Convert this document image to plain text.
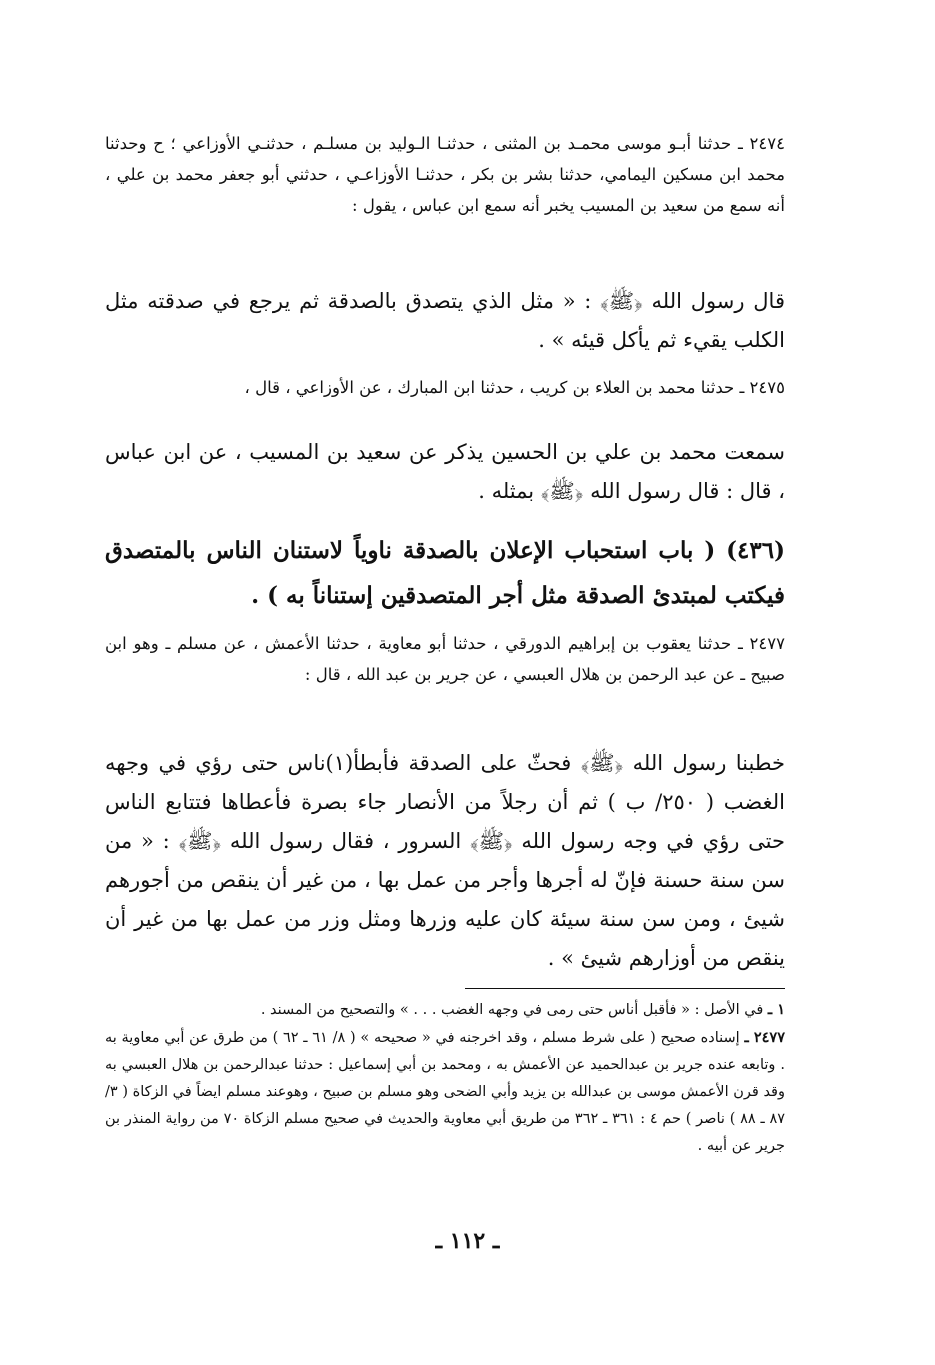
٢٤٧٤ ـ حدثنا أبـو موسى محمـد بن المثنى ، حدثنـا الـوليد بن مسلـم ، حدثنـي الأوزاعي ؛ ح وحدثنا محمد ابن مسكين اليمامي، حدثنا بشر بن بكر ، حدثنـا الأوزاعـي ، حدثني أبو جعفر محمد بن علي ، أنه سمع من سعيد بن المسيب يخبر أنه سمع ابن عباس ، يقول :
قال رسول الله ﴿ﷺ﴾ : « مثل الذي يتصدق بالصدقة ثم يرجع في صدقته مثل الكلب يقيء ثم يأكل قيئه » .
٢٤٧٥ ـ حدثنا محمد بن العلاء بن كريب ، حدثنا ابن المبارك ، عن الأوزاعي ، قال ،
سمعت محمد بن علي بن الحسين يذكر عن سعيد بن المسيب ، عن ابن عباس ، قال : قال رسول الله ﴿ﷺ﴾ بمثله .
(٤٣٦) ( باب استحباب الإعلان بالصدقة ناوياً لاستنان الناس بالمتصدق فيكتب لمبتدئ الصدقة مثل أجر المتصدقين إستناناً به ) .
٢٤٧٧ ـ حدثنا يعقوب بن إبراهيم الدورقي ، حدثنا أبو معاوية ، حدثنا الأعمش ، عن مسلم ـ وهو ابن صبيح ـ عن عبد الرحمن بن هلال العبسي ، عن جرير بن عبد الله ، قال :
خطبنا رسول الله ﴿ﷺ﴾ فحثّ على الصدقة فأبطأ(١)ناس حتى رؤي في وجهه الغضب ( ٢٥٠/ ب ) ثم أن رجلاً من الأنصار جاء بصرة فأعطاها فتتابع الناس حتى رؤي في وجه رسول الله ﴿ﷺ﴾ السرور ، فقال رسول الله ﴿ﷺ﴾ : « من سن سنة حسنة فإنّ له أجرها وأجر من عمل بها ، من غير أن ينقص من أجورهم شيئ ، ومن سن سنة سيئة كان عليه وزرها ومثل وزر من عمل بها من غير أن ينقص من أوزارهم شيئ » .
١ ـ في الأصل : « فأقبل أناس حتى رمى في وجهه الغضب . . . » والتصحيح من المسند .
٢٤٧٧ ـ إسناده صحيح ( على شرط مسلم ، وقد اخرجنه في « صحيحه » ( ٨/ ٦١ ـ ٦٢ ) من طرق عن أبي معاوية به . وتابعه عنده جرير بن عبدالحميد عن الأعمش به ، ومحمد بن أبي إسماعيل : حدثنا عبدالرحمن بن هلال العبسي به وقد قرن الأعمش موسى بن عبدالله بن يزيد وأبي الضحى وهو مسلم بن صبيح ، وهوعند مسلم ايضاً في الزكاة ( ٣/ ٨٧ ـ ٨٨ ) ناصر ) حم ٤ : ٣٦١ ـ ٣٦٢ من طريق أبي معاوية والحديث في صحيح مسلم الزكاة ٧٠ من رواية المنذر بن جرير عن أبيه .
ـ ١١٢ ـ
